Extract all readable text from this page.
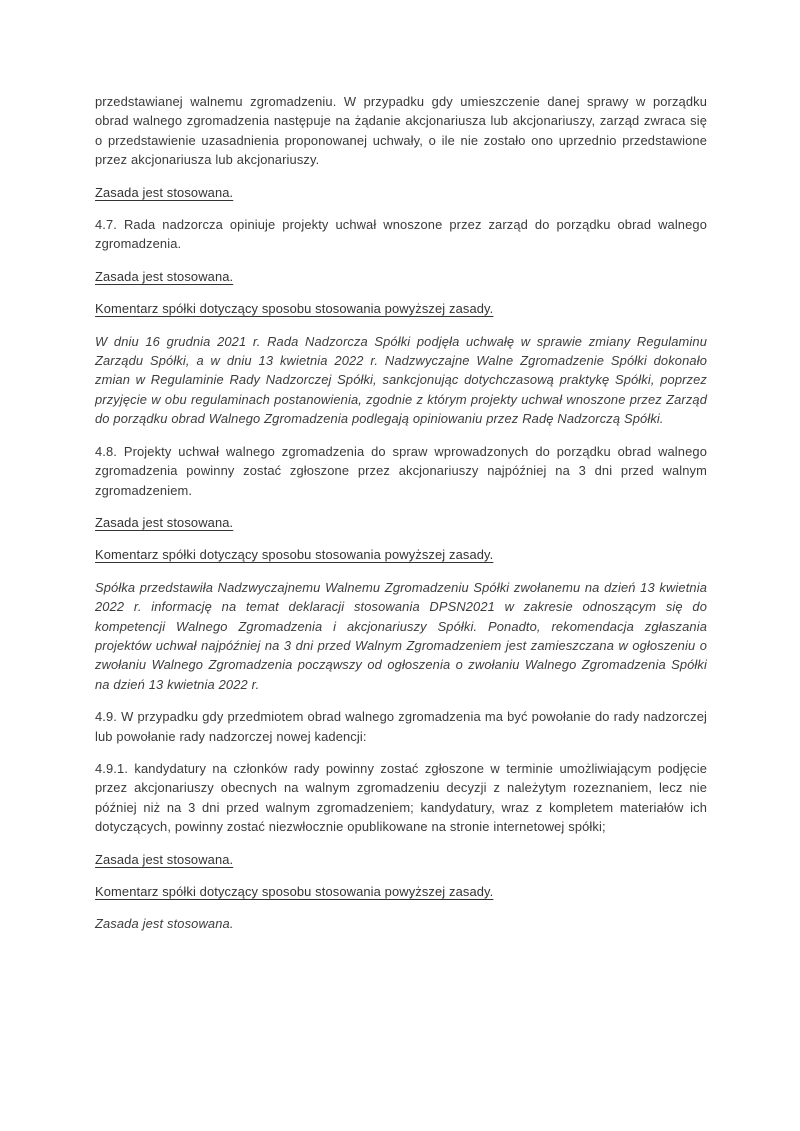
przedstawianej walnemu zgromadzeniu. W przypadku gdy umieszczenie danej sprawy w porządku obrad walnego zgromadzenia następuje na żądanie akcjonariusza lub akcjonariuszy, zarząd zwraca się o przedstawienie uzasadnienia proponowanej uchwały, o ile nie zostało ono uprzednio przedstawione przez akcjonariusza lub akcjonariuszy.

Zasada jest stosowana.

4.7. Rada nadzorcza opiniuje projekty uchwał wnoszone przez zarząd do porządku obrad walnego zgromadzenia.

Zasada jest stosowana.
Komentarz spółki dotyczący sposobu stosowania powyższej zasady.

W dniu 16 grudnia 2021 r. Rada Nadzorcza Spółki podjęła uchwałę w sprawie zmiany Regulaminu Zarządu Spółki, a w dniu 13 kwietnia 2022 r. Nadzwyczajne Walne Zgromadzenie Spółki dokonało zmian w Regulaminie Rady Nadzorczej Spółki, sankcjonując dotychczasową praktykę Spółki, poprzez przyjęcie w obu regulaminach postanowienia, zgodnie z którym projekty uchwał wnoszone przez Zarząd do porządku obrad Walnego Zgromadzenia podlegają opiniowaniu przez Radę Nadzorczą Spółki.

4.8. Projekty uchwał walnego zgromadzenia do spraw wprowadzonych do porządku obrad walnego zgromadzenia powinny zostać zgłoszone przez akcjonariuszy najpóźniej na 3 dni przed walnym zgromadzeniem.

Zasada jest stosowana.
Komentarz spółki dotyczący sposobu stosowania powyższej zasady.

Spółka przedstawiła Nadzwyczajnemu Walnemu Zgromadzeniu Spółki zwołanemu na dzień 13 kwietnia 2022 r. informację na temat deklaracji stosowania DPSN2021 w zakresie odnoszącym się do kompetencji Walnego Zgromadzenia i akcjonariuszy Spółki. Ponadto, rekomendacja zgłaszania projektów uchwał najpóźniej na 3 dni przed Walnym Zgromadzeniem jest zamieszczana w ogłoszeniu o zwołaniu Walnego Zgromadzenia począwszy od ogłoszenia o zwołaniu Walnego Zgromadzenia Spółki na dzień 13 kwietnia 2022 r.

4.9. W przypadku gdy przedmiotem obrad walnego zgromadzenia ma być powołanie do rady nadzorczej lub powołanie rady nadzorczej nowej kadencji:

4.9.1. kandydatury na członków rady powinny zostać zgłoszone w terminie umożliwiającym podjęcie przez akcjonariuszy obecnych na walnym zgromadzeniu decyzji z należytym rozeznaniem, lecz nie później niż na 3 dni przed walnym zgromadzeniem; kandydatury, wraz z kompletem materiałów ich dotyczących, powinny zostać niezwłocznie opublikowane na stronie internetowej spółki;

Zasada jest stosowana.
Komentarz spółki dotyczący sposobu stosowania powyższej zasady.

Zasada jest stosowana.
